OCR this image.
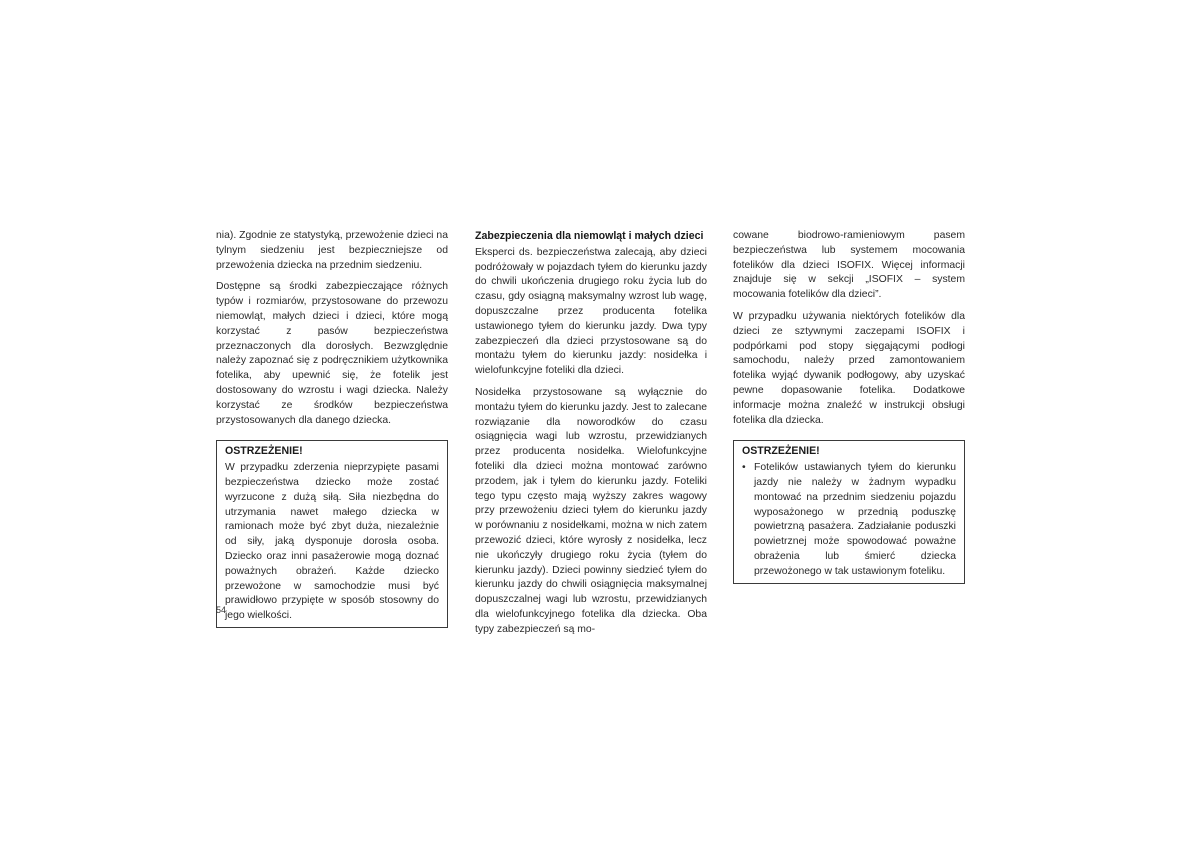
nia). Zgodnie ze statystyką, przewożenie dzieci na tylnym siedzeniu jest bezpieczniejsze od przewożenia dziecka na przednim siedzeniu.

Dostępne są środki zabezpieczające różnych typów i rozmiarów, przystosowane do przewozu niemowląt, małych dzieci i dzieci, które mogą korzystać z pasów bezpieczeństwa przeznaczonych dla dorosłych. Bezwzględnie należy zapoznać się z podręcznikiem użytkownika fotelika, aby upewnić się, że fotelik jest dostosowany do wzrostu i wagi dziecka. Należy korzystać ze środków bezpieczeństwa przystosowanych dla danego dziecka.

OSTRZEŻENIE!

W przypadku zderzenia nieprzypięte pasami bezpieczeństwa dziecko może zostać wyrzucone z dużą siłą. Siła niezbędna do utrzymania nawet małego dziecka w ramionach może być zbyt duża, niezależnie od siły, jaką dysponuje dorosła osoba. Dziecko oraz inni pasażerowie mogą doznać poważnych obrażeń. Każde dziecko przewożone w samochodzie musi być prawidłowo przypięte w sposób stosowny do jego wielkości.

Zabezpieczenia dla niemowląt i małych dzieci

Eksperci ds. bezpieczeństwa zalecają, aby dzieci podróżowały w pojazdach tyłem do kierunku jazdy do chwili ukończenia drugiego roku życia lub do czasu, gdy osiągną maksymalny wzrost lub wagę, dopuszczalne przez producenta fotelika ustawionego tyłem do kierunku jazdy. Dwa typy zabezpieczeń dla dzieci przystosowane są do montażu tyłem do kierunku jazdy: nosidełka i wielofunkcyjne foteliki dla dzieci.

Nosidełka przystosowane są wyłącznie do montażu tyłem do kierunku jazdy. Jest to zalecane rozwiązanie dla noworodków do czasu osiągnięcia wagi lub wzrostu, przewidzianych przez producenta nosidełka. Wielofunkcyjne foteliki dla dzieci można montować zarówno przodem, jak i tyłem do kierunku jazdy. Foteliki tego typu często mają wyższy zakres wagowy przy przewożeniu dzieci tyłem do kierunku jazdy w porównaniu z nosidełkami, można w nich zatem przewozić dzieci, które wyrosły z nosidełka, lecz nie ukończyły drugiego roku życia (tyłem do kierunku jazdy). Dzieci powinny siedzieć tyłem do kierunku jazdy do chwili osiągnięcia maksymalnej dopuszczalnej wagi lub wzrostu, przewidzianych dla wielofunkcyjnego fotelika dla dziecka. Oba typy zabezpieczeń są mo-

cowane biodrowo-ramieniowym pasem bezpieczeństwa lub systemem mocowania fotelików dla dzieci ISOFIX. Więcej informacji znajduje się w sekcji „ISOFIX – system mocowania fotelików dla dzieci”.

W przypadku używania niektórych fotelików dla dzieci ze sztywnymi zaczepami ISOFIX i podpórkami pod stopy sięgającymi podłogi samochodu, należy przed zamontowaniem fotelika wyjąć dywanik podłogowy, aby uzyskać pewne dopasowanie fotelika. Dodatkowe informacje można znaleźć w instrukcji obsługi fotelika dla dziecka.

OSTRZEŻENIE!
• Fotelików ustawianych tyłem do kierunku jazdy nie należy w żadnym wypadku montować na przednim siedzeniu pojazdu wyposażonego w przednią poduszkę powietrzną pasażera. Zadziałanie poduszki powietrznej może spowodować poważne obrażenia lub śmierć dziecka przewożonego w tak ustawionym foteliku.
54
